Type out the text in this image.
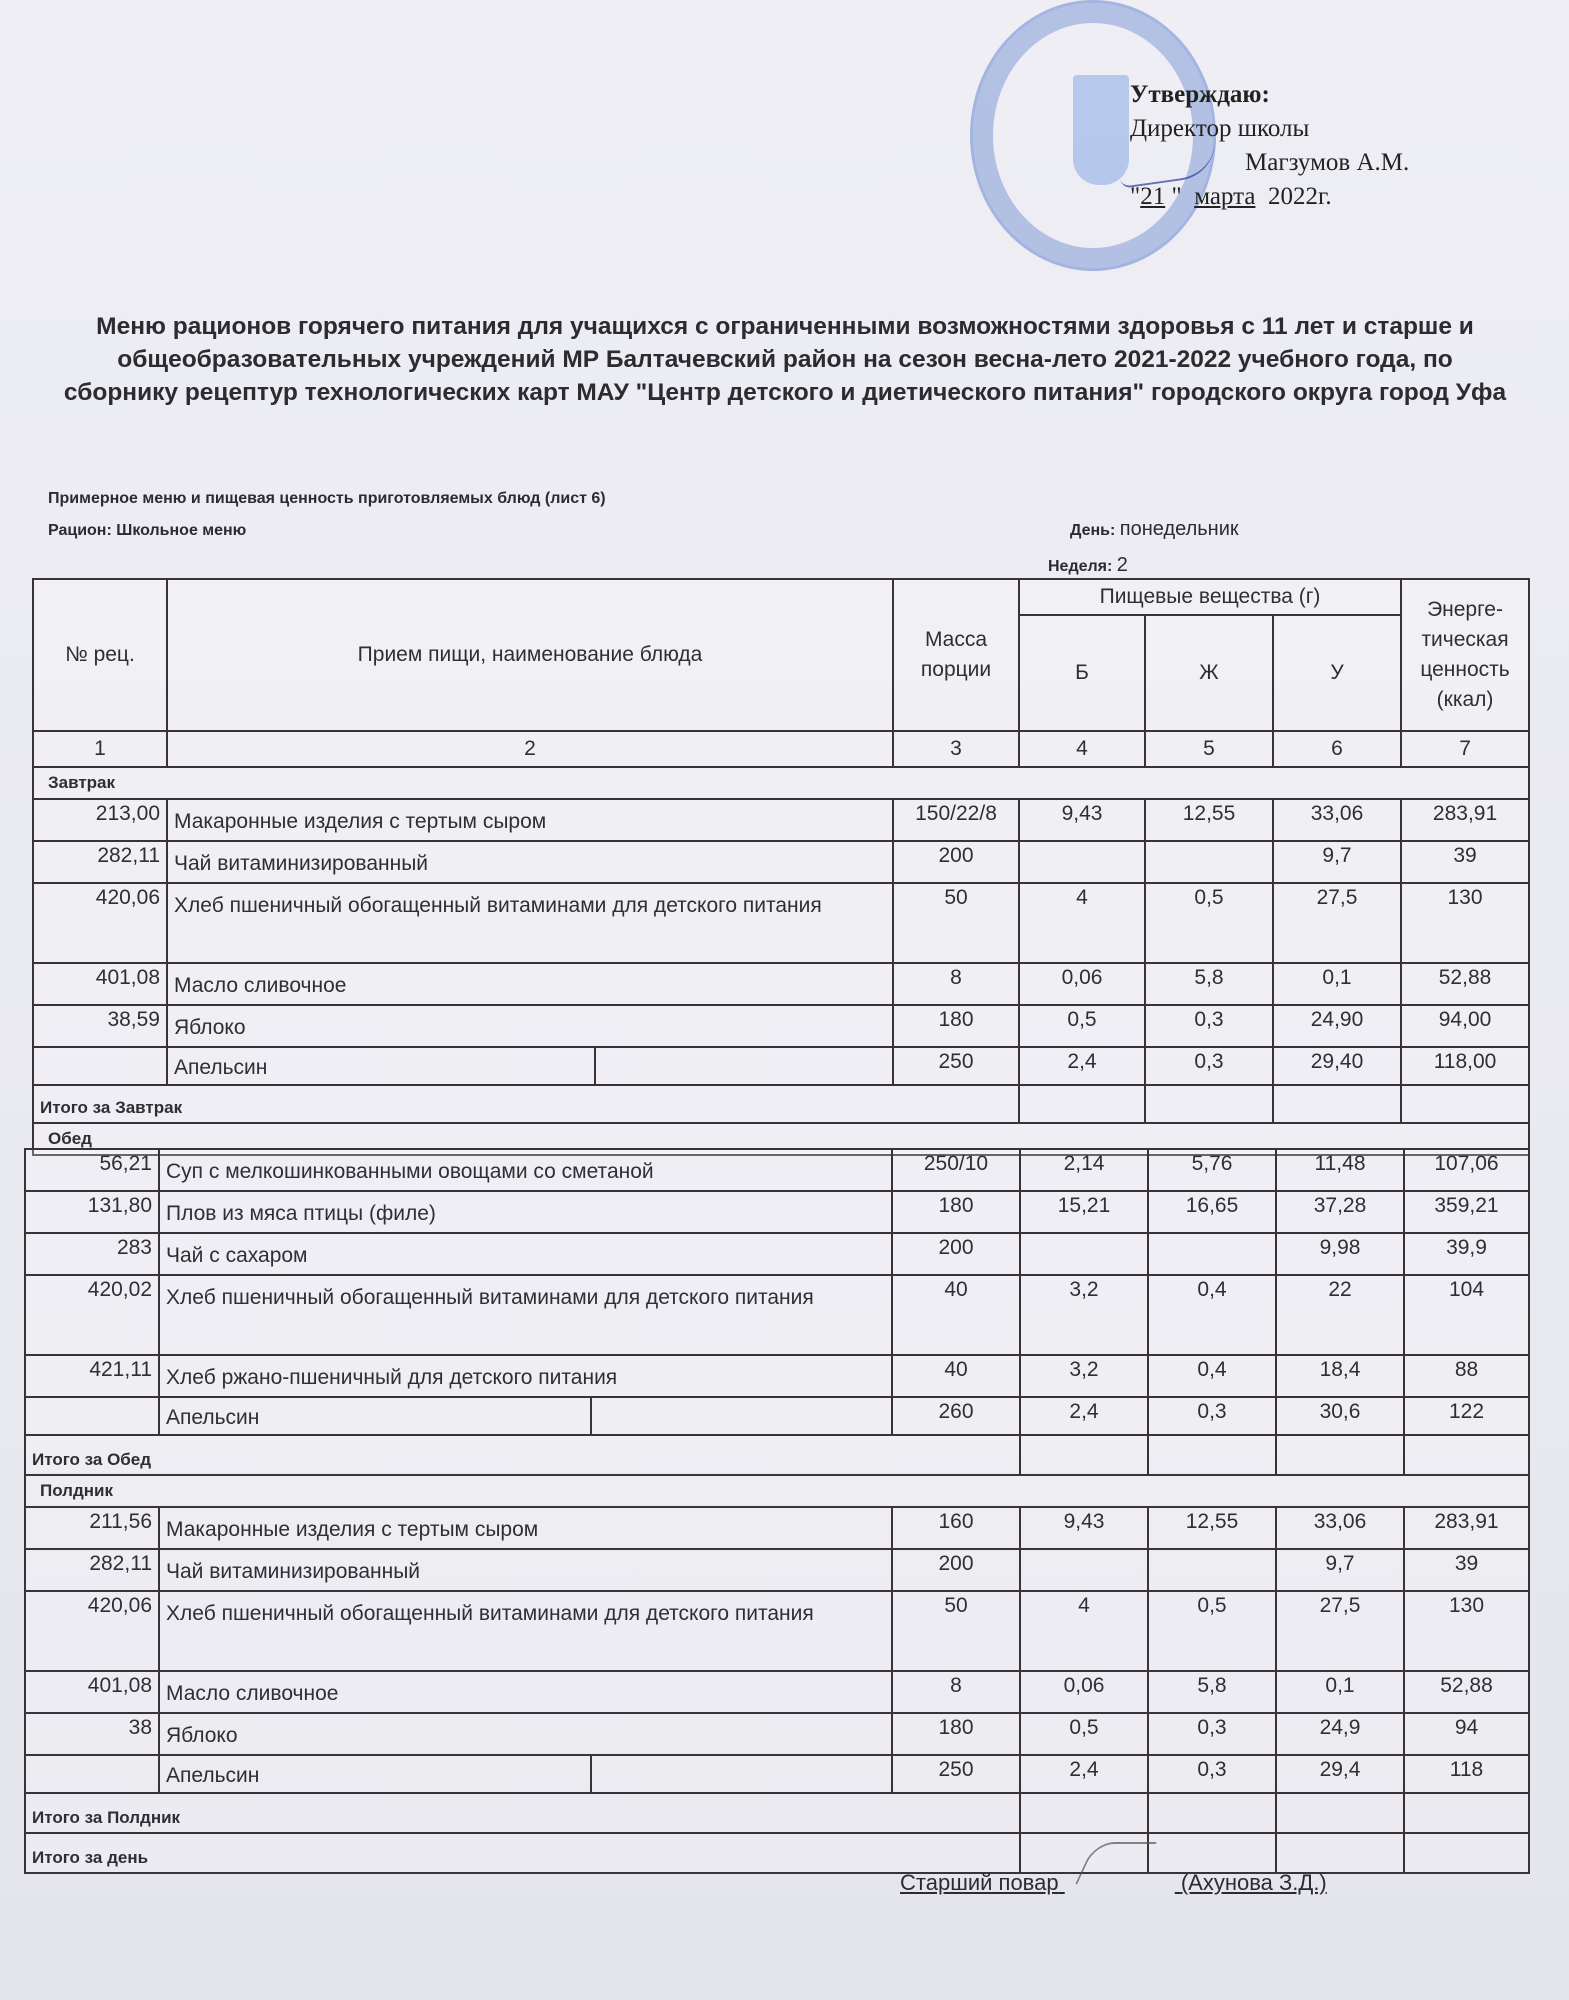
Утверждаю:
Директор школы
Магзумов А.М.
"21 "  марта 2022г.
Меню рационов горячего питания для учащихся с ограниченными возможностями здоровья с 11 лет и старше и общеобразовательных учреждений МР Балтачевский район на сезон весна-лето 2021-2022 учебного года, по сборнику рецептур технологических карт МАУ "Центр детского и диетического питания" городского округа город Уфа
Примерное меню и пищевая ценность приготовляемых блюд (лист 6)
Рацион: Школьное меню	День: понедельник
Неделя: 2
№ рец.	Прием пищи, наименование блюда	Масса порции	Пищевые вещества (г)			Энерге-тическая ценность (ккал)
			Б	Ж	У	
1	2	3	4	5	6	7
Завтрак						
213,00	Макаронные изделия с тертым сыром	150/22/8	9,43	12,55	33,06	283,91
282,11	Чай витаминизированный	200			9,7	39
420,06	Хлеб пшеничный обогащенный витаминами для детского питания	50	4	0,5	27,5	130
401,08	Масло сливочное	8	0,06	5,8	0,1	52,88
38,59	Яблоко	180	0,5	0,3	24,90	94,00

	Апельсин	250	2,4	0,3	29,40	118,00
Итого за Завтрак						
Обед						
56,21	Суп с мелкошинкованными овощами со сметаной	250/10	2,14	5,76	11,48	107,06
131,80	Плов из мяса птицы (филе)	180	15,21	16,65	37,28	359,21
283	Чай с сахаром	200			9,98	39,9
420,02	Хлеб пшеничный обогащенный витаминами для детского питания	40	3,2	0,4	22	104
421,11	Хлеб ржано-пшеничный для детского питания	40	3,2	0,4	18,4	88

	Апельсин	260	2,4	0,3	30,6	122
Итого за Обед						
Полдник						
211,56	Макаронные изделия с тертым сыром	160	9,43	12,55	33,06	283,91
282,11	Чай витаминизированный	200			9,7	39
420,06	Хлеб пшеничный обогащенный витаминами для детского питания	50	4	0,5	27,5	130
401,08	Масло сливочное	8	0,06	5,8	0,1	52,88
38	Яблоко	180	0,5	0,3	24,9	94

	Апельсин	250	2,4	0,3	29,4	118
Итого за Полдник						
Итого за день						
Старший повар	(Ахунова З.Д.)
